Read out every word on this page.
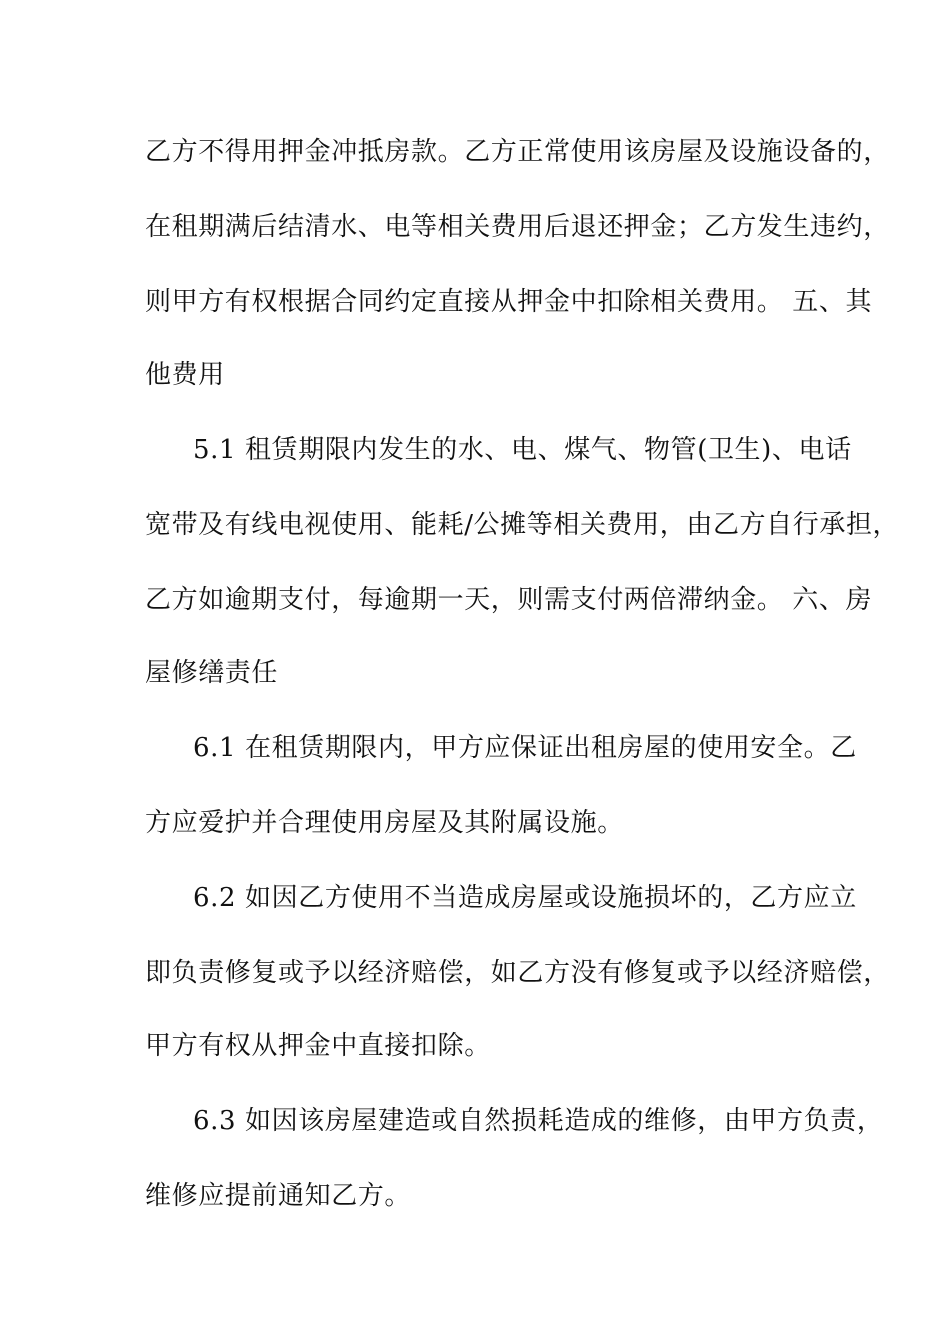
乙方不得用押金冲抵房款。乙方正常使用该房屋及设施设备的，
在租期满后结清水、电等相关费用后退还押金；乙方发生违约，
则甲方有权根据合同约定直接从押金中扣除相关费用。 五、其
他费用
5.1 租赁期限内发生的水、电、煤气、物管(卫生)、电话
宽带及有线电视使用、能耗/公摊等相关费用，由乙方自行承担，
乙方如逾期支付，每逾期一天，则需支付两倍滞纳金。 六、房
屋修缮责任
6.1 在租赁期限内，甲方应保证出租房屋的使用安全。乙
方应爱护并合理使用房屋及其附属设施。
6.2 如因乙方使用不当造成房屋或设施损坏的，乙方应立
即负责修复或予以经济赔偿，如乙方没有修复或予以经济赔偿，
甲方有权从押金中直接扣除。
6.3 如因该房屋建造或自然损耗造成的维修，由甲方负责，
维修应提前通知乙方。
